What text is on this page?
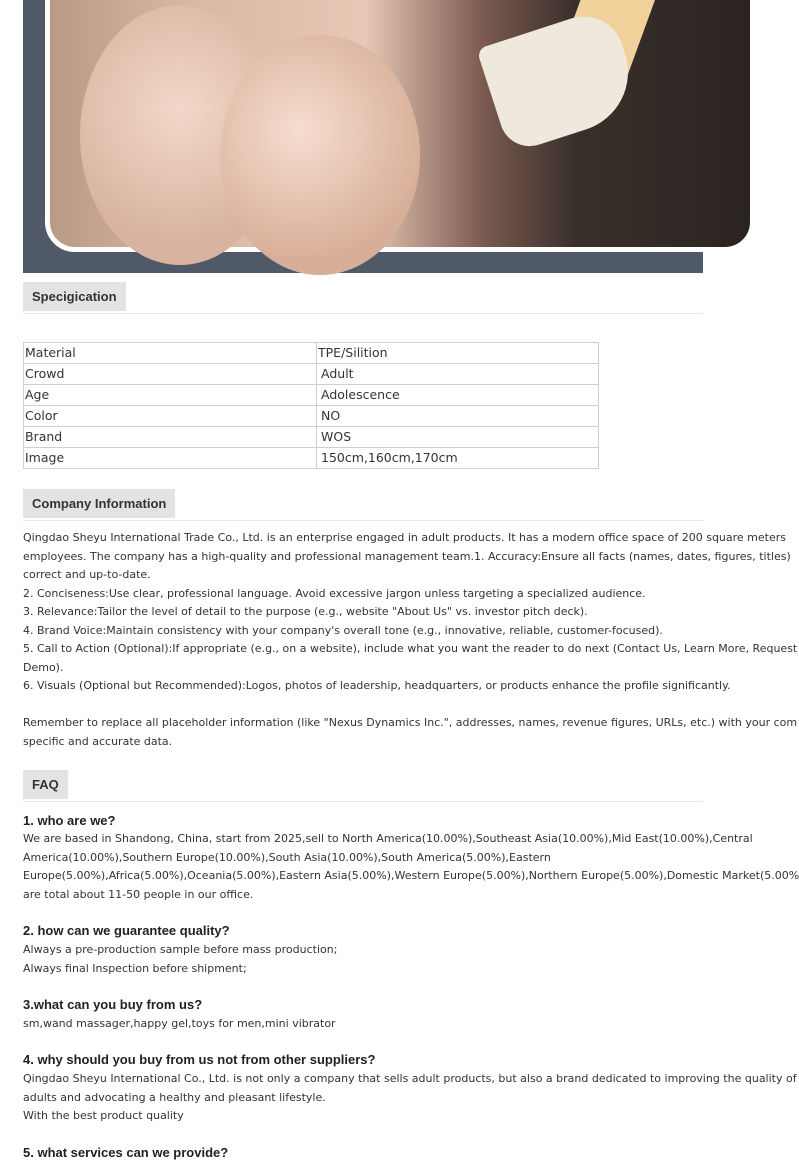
Specigication
Material	TPE/Silition
Crowd	Adult
Age	Adolescence
Color	NO
Brand	WOS
Image	150cm,160cm,170cm
Company Information

Qingdao Sheyu International Trade Co., Ltd. is an enterprise engaged in adult products. It has a modern office space of 200 square meters

employees. The company has a high-quality and professional management team.1. Accuracy:Ensure all facts (names, dates, figures, titles)

correct and up-to-date.

2. Conciseness:Use clear, professional language. Avoid excessive jargon unless targeting a specialized audience.

3. Relevance:Tailor the level of detail to the purpose (e.g., website "About Us" vs. investor pitch deck).

4. Brand Voice:Maintain consistency with your company's overall tone (e.g., innovative, reliable, customer-focused).

5. Call to Action (Optional):If appropriate (e.g., on a website), include what you want the reader to do next (Contact Us, Learn More, Request

Demo).

6. Visuals (Optional but Recommended):Logos, photos of leadership, headquarters, or products enhance the profile significantly.

Remember to replace all placeholder information (like "Nexus Dynamics Inc.", addresses, names, revenue figures, URLs, etc.) with your com

specific and accurate data.

FAQ
1. who are we?

We are based in Shandong, China, start from 2025,sell to North America(10.00%),Southeast Asia(10.00%),Mid East(10.00%),Central

America(10.00%),Southern Europe(10.00%),South Asia(10.00%),South America(5.00%),Eastern

Europe(5.00%),Africa(5.00%),Oceania(5.00%),Eastern Asia(5.00%),Western Europe(5.00%),Northern Europe(5.00%),Domestic Market(5.00%

are total about 11-50 people in our office.

2. how can we guarantee quality?

Always a pre-production sample before mass production;

Always final Inspection before shipment;

3.what can you buy from us?

sm,wand massager,happy gel,toys for men,mini vibrator

4. why should you buy from us not from other suppliers?

Qingdao Sheyu International Co., Ltd. is not only a company that sells adult products, but also a brand dedicated to improving the quality of

adults and advocating a healthy and pleasant lifestyle.

With the best product quality

5. what services can we provide?
